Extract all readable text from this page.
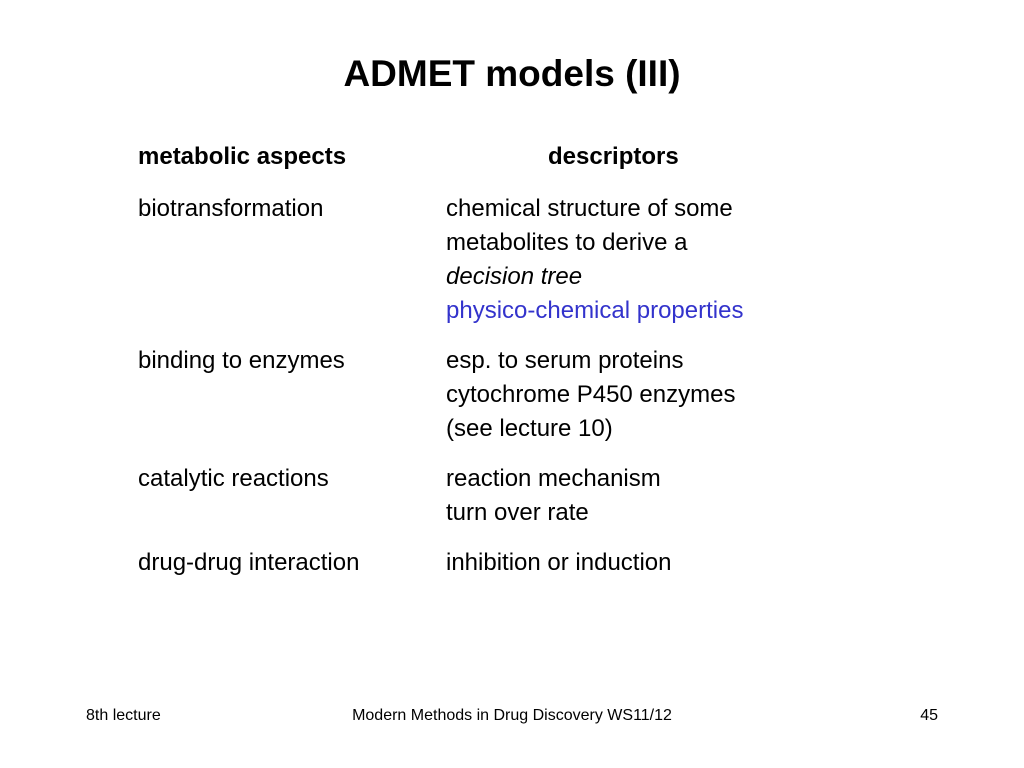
ADMET models (III)
metabolic aspects	descriptors
biotransformation	chemical structure of some
metabolites to derive a
decision tree
physico-chemical properties
binding to enzymes	esp. to serum proteins
cytochrome P450 enzymes
(see lecture 10)
catalytic reactions	reaction mechanism
turn over rate
drug-drug interaction	inhibition or induction
8th lecture	Modern Methods in Drug Discovery WS11/12	45
